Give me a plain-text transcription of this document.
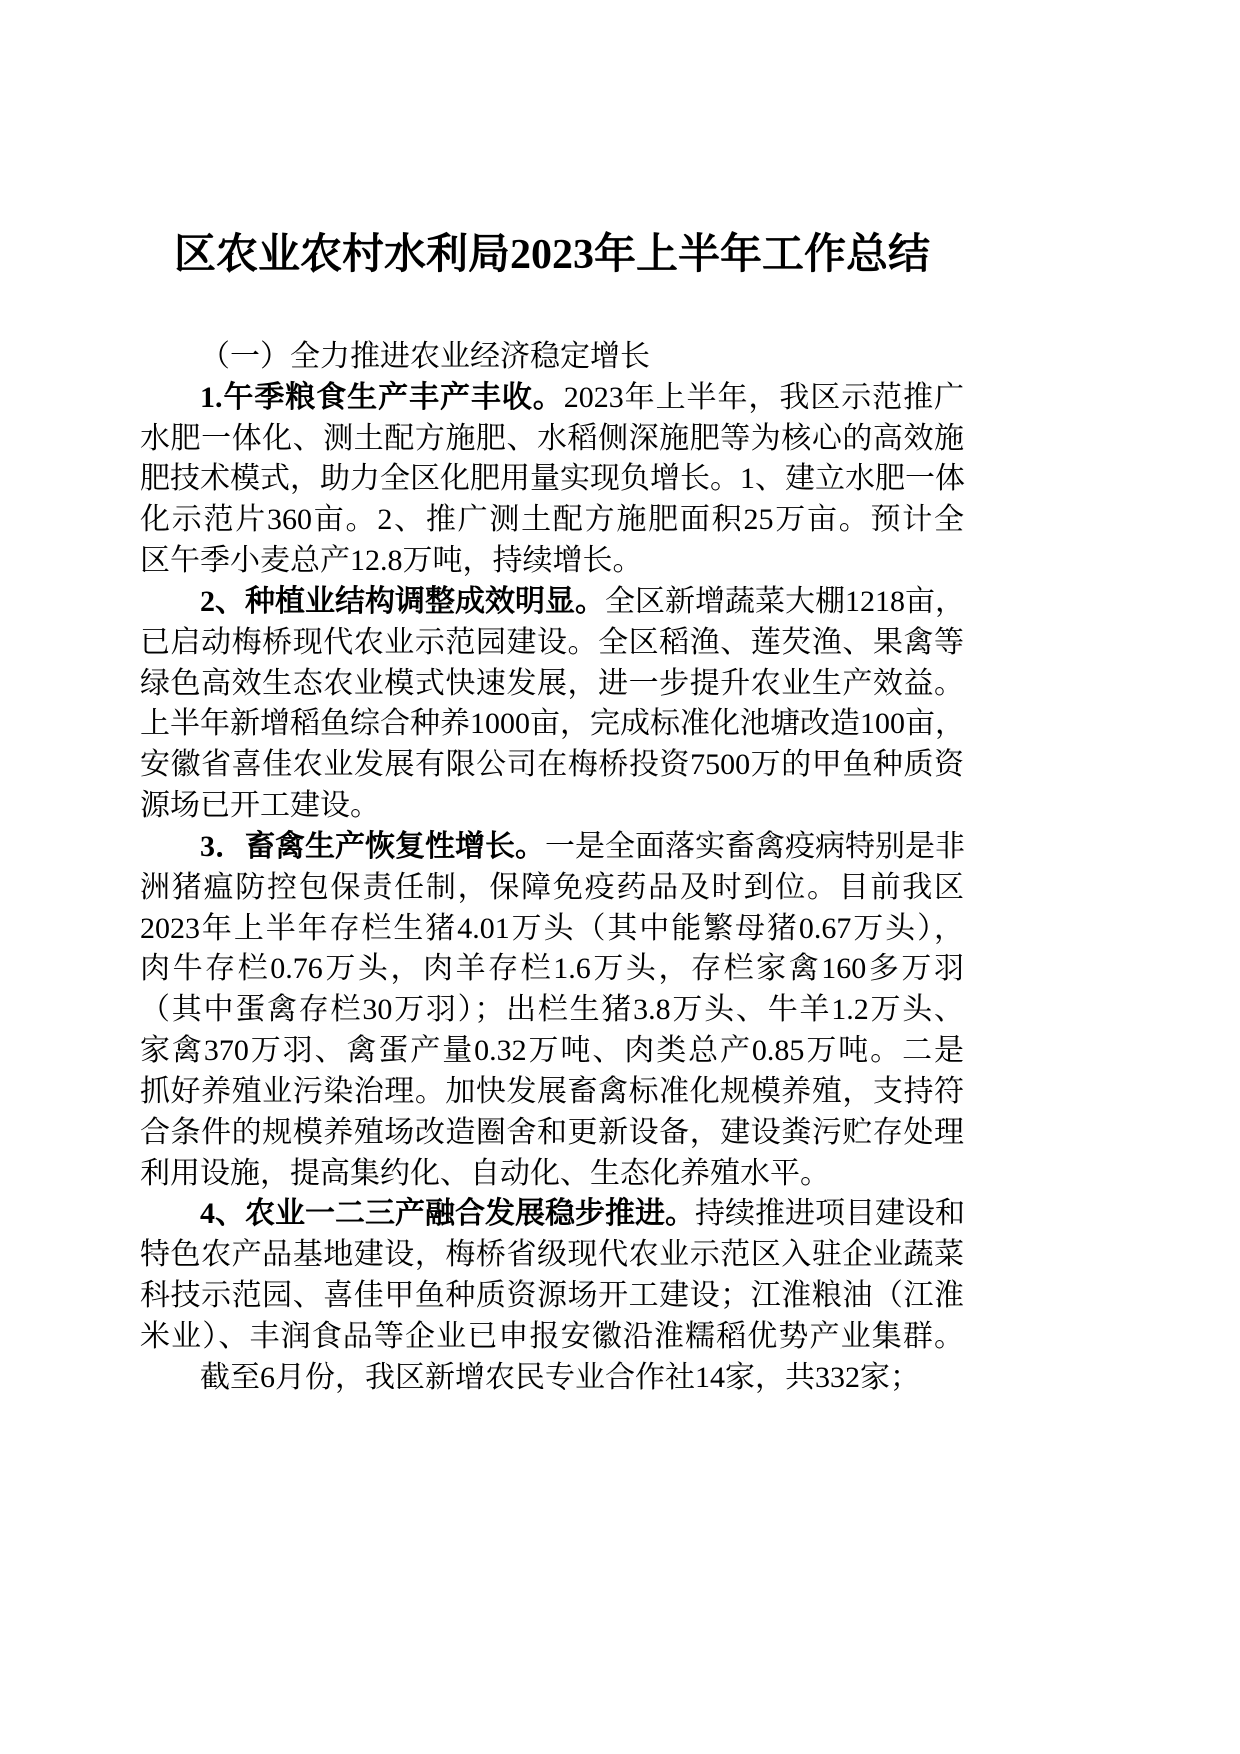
区农业农村水利局2023年上半年工作总结
（一）全力推进农业经济稳定增长
1.午季粮食生产丰产丰收。2023年上半年，我区示范推广
水肥一体化、测土配方施肥、水稻侧深施肥等为核心的高效施
肥技术模式，助力全区化肥用量实现负增长。1、建立水肥一体
化示范片360亩。2、推广测土配方施肥面积25万亩。预计全
区午季小麦总产12.8万吨，持续增长。
2、种植业结构调整成效明显。全区新增蔬菜大棚1218亩，
已启动梅桥现代农业示范园建设。全区稻渔、莲芡渔、果禽等
绿色高效生态农业模式快速发展，进一步提升农业生产效益。
上半年新增稻鱼综合种养1000亩，完成标准化池塘改造100亩，
安徽省喜佳农业发展有限公司在梅桥投资7500万的甲鱼种质资
源场已开工建设。
3．畜禽生产恢复性增长。一是全面落实畜禽疫病特别是非
洲猪瘟防控包保责任制，保障免疫药品及时到位。目前我区
2023年上半年存栏生猪4.01万头（其中能繁母猪0.67万头），
肉牛存栏0.76万头，肉羊存栏1.6万头，存栏家禽160多万羽
（其中蛋禽存栏30万羽）；出栏生猪3.8万头、牛羊1.2万头、
家禽370万羽、禽蛋产量0.32万吨、肉类总产0.85万吨。二是
抓好养殖业污染治理。加快发展畜禽标准化规模养殖，支持符
合条件的规模养殖场改造圈舍和更新设备，建设粪污贮存处理
利用设施，提高集约化、自动化、生态化养殖水平。
4、农业一二三产融合发展稳步推进。持续推进项目建设和
特色农产品基地建设，梅桥省级现代农业示范区入驻企业蔬菜
科技示范园、喜佳甲鱼种质资源场开工建设；江淮粮油（江淮
米业）、丰润食品等企业已申报安徽沿淮糯稻优势产业集群。
截至6月份，我区新增农民专业合作社14家，共332家；
